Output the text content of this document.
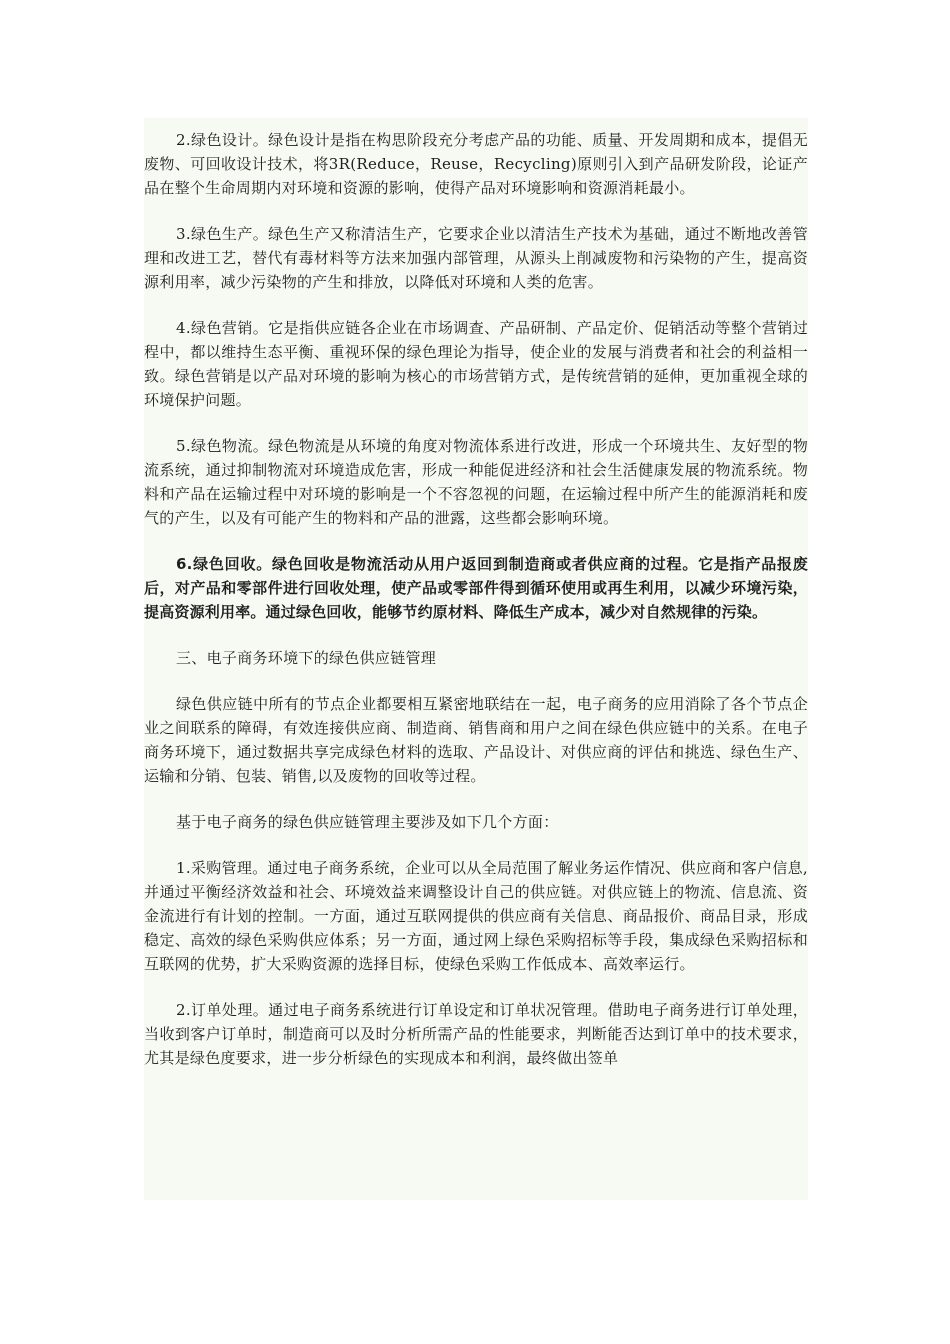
2.绿色设计。绿色设计是指在构思阶段充分考虑产品的功能、质量、开发周期和成本，提倡无废物、可回收设计技术，将3R(Reduce，Reuse，Recycling)原则引入到产品研发阶段，论证产品在整个生命周期内对环境和资源的影响，使得产品对环境影响和资源消耗最小。

3.绿色生产。绿色生产又称清洁生产，它要求企业以清洁生产技术为基础，通过不断地改善管理和改进工艺，替代有毒材料等方法来加强内部管理，从源头上削减废物和污染物的产生，提高资源利用率，减少污染物的产生和排放，以降低对环境和人类的危害。

4.绿色营销。它是指供应链各企业在市场调查、产品研制、产品定价、促销活动等整个营销过程中，都以维持生态平衡、重视环保的绿色理论为指导，使企业的发展与消费者和社会的利益相一致。绿色营销是以产品对环境的影响为核心的市场营销方式，是传统营销的延伸，更加重视全球的环境保护问题。

5.绿色物流。绿色物流是从环境的角度对物流体系进行改进，形成一个环境共生、友好型的物流系统，通过抑制物流对环境造成危害，形成一种能促进经济和社会生活健康发展的物流系统。物料和产品在运输过程中对环境的影响是一个不容忽视的问题，在运输过程中所产生的能源消耗和废气的产生，以及有可能产生的物料和产品的泄露，这些都会影响环境。

6.绿色回收。绿色回收是物流活动从用户返回到制造商或者供应商的过程。它是指产品报废后，对产品和零部件进行回收处理，使产品或零部件得到循环使用或再生利用，以减少环境污染，提高资源利用率。通过绿色回收，能够节约原材料、降低生产成本，减少对自然规律的污染。

三、电子商务环境下的绿色供应链管理

绿色供应链中所有的节点企业都要相互紧密地联结在一起，电子商务的应用消除了各个节点企业之间联系的障碍，有效连接供应商、制造商、销售商和用户之间在绿色供应链中的关系。在电子商务环境下，通过数据共享完成绿色材料的选取、产品设计、对供应商的评估和挑选、绿色生产、运输和分销、包装、销售,以及废物的回收等过程。

基于电子商务的绿色供应链管理主要涉及如下几个方面：

1.采购管理。通过电子商务系统，企业可以从全局范围了解业务运作情况、供应商和客户信息,并通过平衡经济效益和社会、环境效益来调整设计自己的供应链。对供应链上的物流、信息流、资金流进行有计划的控制。一方面，通过互联网提供的供应商有关信息、商品报价、商品目录，形成稳定、高效的绿色采购供应体系；另一方面，通过网上绿色采购招标等手段，集成绿色采购招标和互联网的优势，扩大采购资源的选择目标，使绿色采购工作低成本、高效率运行。

2.订单处理。通过电子商务系统进行订单设定和订单状况管理。借助电子商务进行订单处理，当收到客户订单时，制造商可以及时分析所需产品的性能要求，判断能否达到订单中的技术要求，尤其是绿色度要求，进一步分析绿色的实现成本和利润，最终做出签单
